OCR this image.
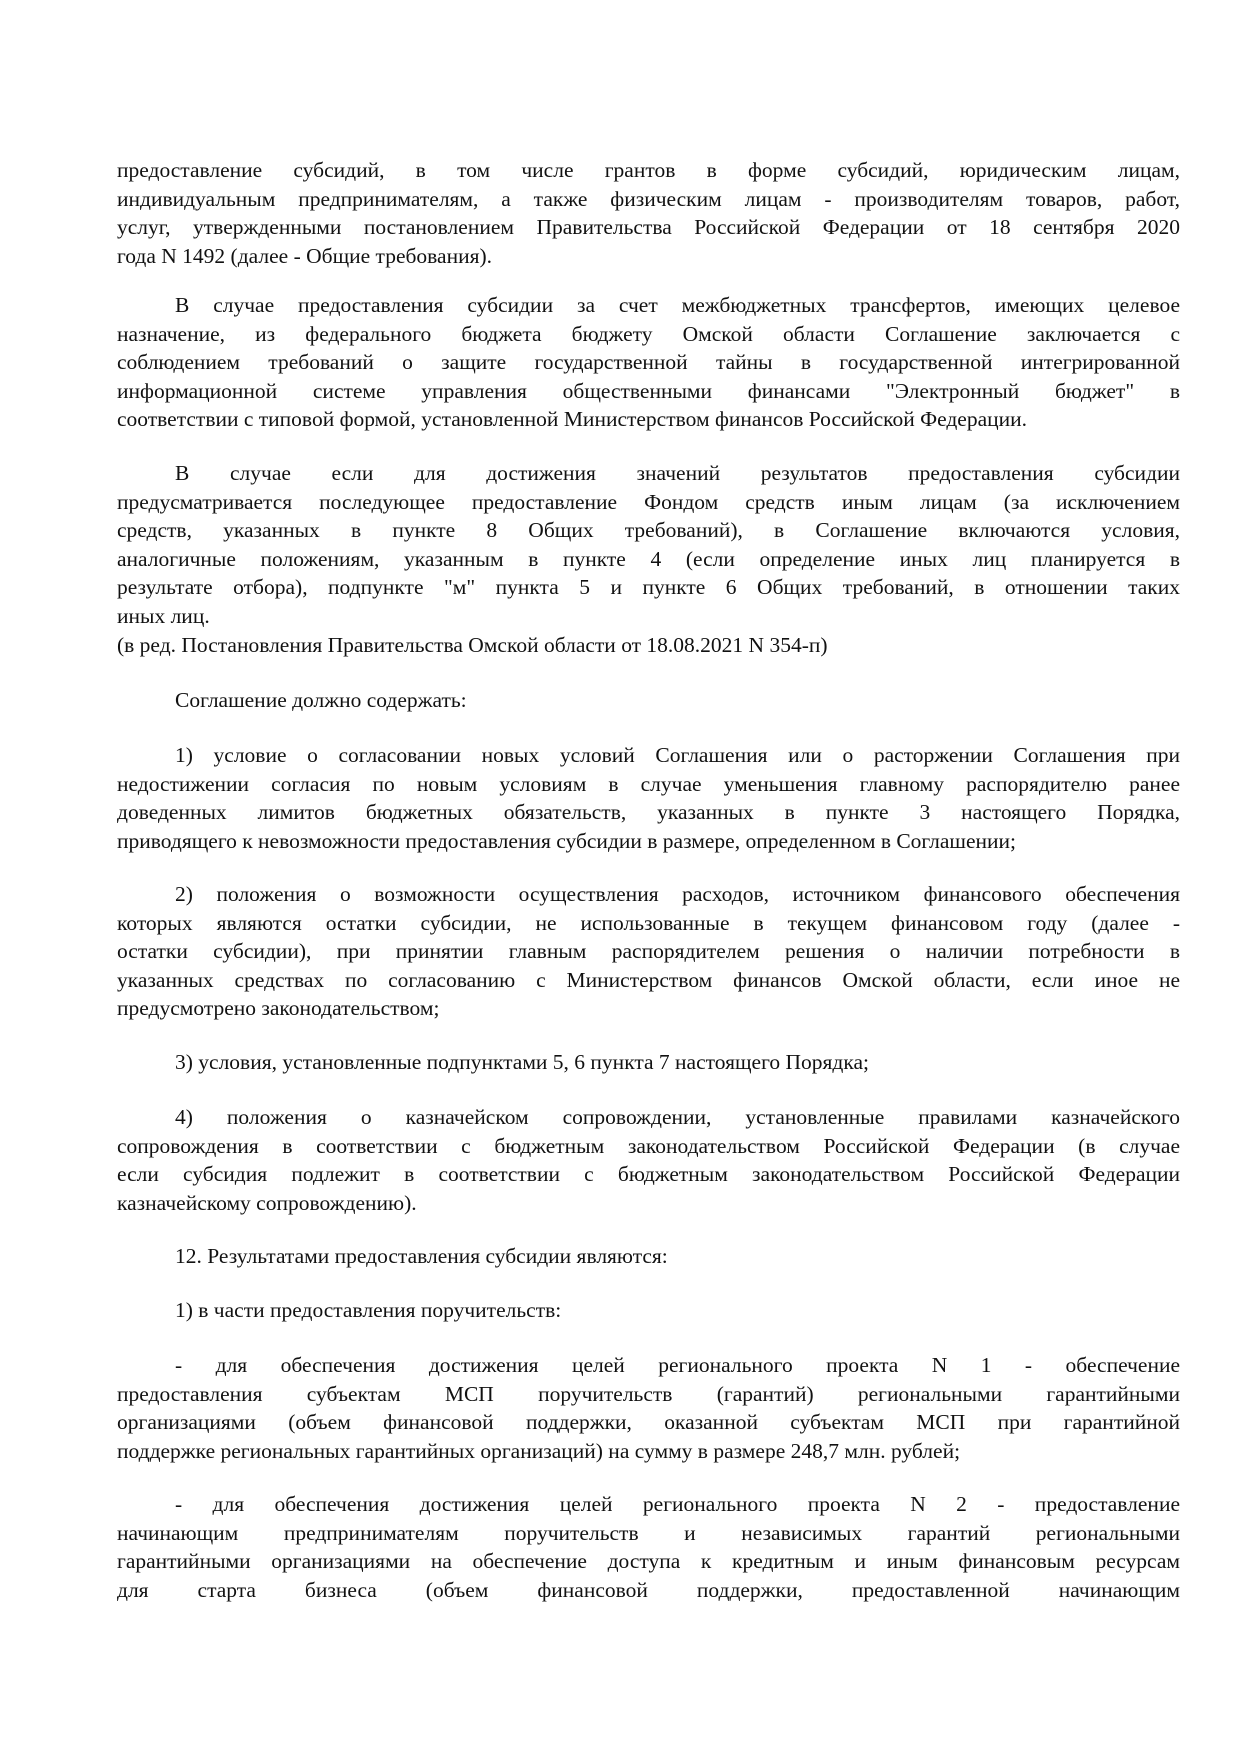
предоставление субсидий, в том числе грантов в форме субсидий, юридическим лицам,
индивидуальным предпринимателям, а также физическим лицам - производителям товаров, работ,
услуг, утвержденными постановлением Правительства Российской Федерации от 18 сентября 2020
года N 1492 (далее - Общие требования).
В случае предоставления субсидии за счет межбюджетных трансфертов, имеющих целевое
назначение, из федерального бюджета бюджету Омской области Соглашение заключается с
соблюдением требований о защите государственной тайны в государственной интегрированной
информационной системе управления общественными финансами "Электронный бюджет" в
соответствии с типовой формой, установленной Министерством финансов Российской Федерации.
В случае если для достижения значений результатов предоставления субсидии
предусматривается последующее предоставление Фондом средств иным лицам (за исключением
средств, указанных в пункте 8 Общих требований), в Соглашение включаются условия,
аналогичные положениям, указанным в пункте 4 (если определение иных лиц планируется в
результате отбора), подпункте "м" пункта 5 и пункте 6 Общих требований, в отношении таких
иных лиц.
(в ред. Постановления Правительства Омской области от 18.08.2021 N 354-п)
Соглашение должно содержать:
1) условие о согласовании новых условий Соглашения или о расторжении Соглашения при
недостижении согласия по новым условиям в случае уменьшения главному распорядителю ранее
доведенных лимитов бюджетных обязательств, указанных в пункте 3 настоящего Порядка,
приводящего к невозможности предоставления субсидии в размере, определенном в Соглашении;
2) положения о возможности осуществления расходов, источником финансового обеспечения
которых являются остатки субсидии, не использованные в текущем финансовом году (далее -
остатки субсидии), при принятии главным распорядителем решения о наличии потребности в
указанных средствах по согласованию с Министерством финансов Омской области, если иное не
предусмотрено законодательством;
3) условия, установленные подпунктами 5, 6 пункта 7 настоящего Порядка;
4) положения о казначейском сопровождении, установленные правилами казначейского
сопровождения в соответствии с бюджетным законодательством Российской Федерации (в случае
если субсидия подлежит в соответствии с бюджетным законодательством Российской Федерации
казначейскому сопровождению).
12. Результатами предоставления субсидии являются:
1) в части предоставления поручительств:
- для обеспечения достижения целей регионального проекта N 1 - обеспечение
предоставления субъектам МСП поручительств (гарантий) региональными гарантийными
организациями (объем финансовой поддержки, оказанной субъектам МСП при гарантийной
поддержке региональных гарантийных организаций) на сумму в размере 248,7 млн. рублей;
- для обеспечения достижения целей регионального проекта N 2 - предоставление
начинающим предпринимателям поручительств и независимых гарантий региональными
гарантийными организациями на обеспечение доступа к кредитным и иным финансовым ресурсам
для старта бизнеса (объем финансовой поддержки, предоставленной начинающим
